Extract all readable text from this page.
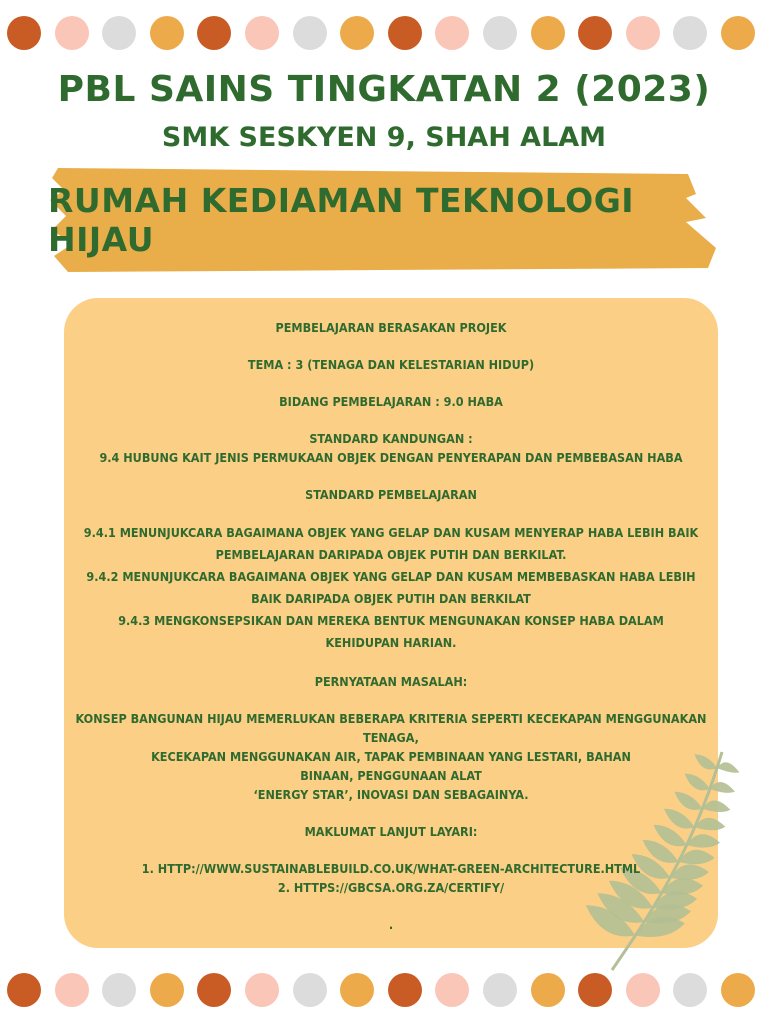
PBL SAINS TINGKATAN 2 (2023)
SMK SESKYEN 9, SHAH ALAM
RUMAH KEDIAMAN TEKNOLOGI HIJAU

PEMBELAJARAN BERASAKAN PROJEK

TEMA : 3 (TENAGA DAN KELESTARIAN HIDUP)

BIDANG PEMBELAJARAN : 9.0 HABA

STANDARD KANDUNGAN :

9.4 HUBUNG KAIT JENIS PERMUKAAN OBJEK DENGAN PENYERAPAN DAN PEMBEBASAN HABA

STANDARD PEMBELAJARAN

9.4.1 MENUNJUKCARA BAGAIMANA OBJEK YANG GELAP DAN KUSAM MENYERAP HABA LEBIH BAIK PEMBELAJARAN DARIPADA OBJEK PUTIH DAN BERKILAT.

9.4.2 MENUNJUKCARA BAGAIMANA OBJEK YANG GELAP DAN KUSAM MEMBEBASKAN HABA LEBIH BAIK DARIPADA OBJEK PUTIH DAN BERKILAT

9.4.3 MENGKONSEPSIKAN DAN MEREKA BENTUK MENGUNAKAN KONSEP HABA DALAM KEHIDUPAN HARIAN.

PERNYATAAN MASALAH:

KONSEP BANGUNAN HIJAU MEMERLUKAN BEBERAPA KRITERIA SEPERTI KECEKAPAN MENGGUNAKAN TENAGA,

KECEKAPAN MENGGUNAKAN AIR, TAPAK PEMBINAAN YANG LESTARI, BAHAN BINAAN, PENGGUNAAN ALAT

‘ENERGY STAR’, INOVASI DAN SEBAGAINYA.

MAKLUMAT LANJUT LAYARI:

1. HTTP://WWW.SUSTAINABLEBUILD.CO.UK/WHAT-GREEN-ARCHITECTURE.HTML

2. HTTPS://GBCSA.ORG.ZA/CERTIFY/

.
